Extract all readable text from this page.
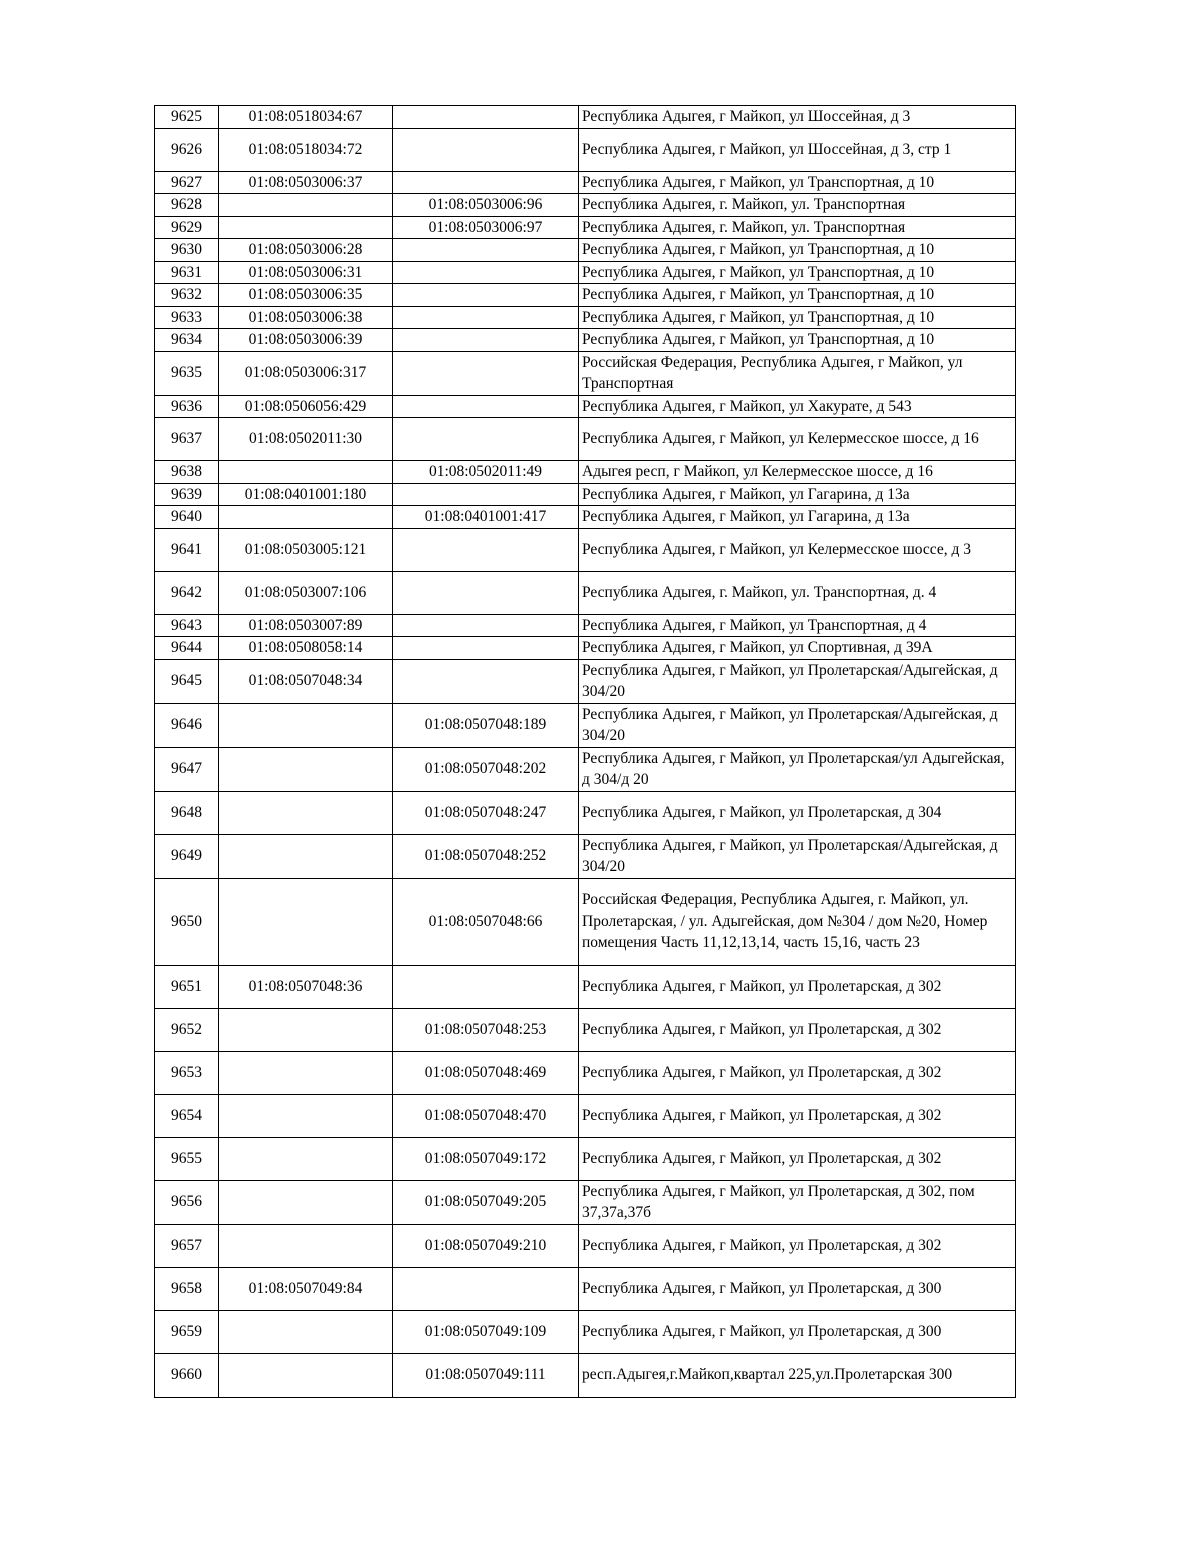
9625	01:08:0518034:67		Республика Адыгея, г Майкоп, ул Шоссейная, д 3
9626	01:08:0518034:72		Республика Адыгея, г Майкоп, ул Шоссейная, д 3, стр 1
9627	01:08:0503006:37		Республика Адыгея, г Майкоп, ул Транспортная, д 10
9628		01:08:0503006:96	Республика Адыгея, г. Майкоп, ул. Транспортная
9629		01:08:0503006:97	Республика Адыгея, г. Майкоп, ул. Транспортная
9630	01:08:0503006:28		Республика Адыгея, г Майкоп, ул Транспортная, д 10
9631	01:08:0503006:31		Республика Адыгея, г Майкоп, ул Транспортная, д 10
9632	01:08:0503006:35		Республика Адыгея, г Майкоп, ул Транспортная, д 10
9633	01:08:0503006:38		Республика Адыгея, г Майкоп, ул Транспортная, д 10
9634	01:08:0503006:39		Республика Адыгея, г Майкоп, ул Транспортная, д 10
9635	01:08:0503006:317		Российская Федерация, Республика Адыгея, г Майкоп, ул Транспортная
9636	01:08:0506056:429		Республика Адыгея, г Майкоп, ул Хакурате, д 543
9637	01:08:0502011:30		Республика Адыгея, г Майкоп, ул Келермесское шоссе, д 16
9638		01:08:0502011:49	Адыгея респ, г Майкоп, ул Келермесское шоссе, д 16
9639	01:08:0401001:180		Республика Адыгея, г Майкоп, ул Гагарина, д 13а
9640		01:08:0401001:417	Республика Адыгея, г Майкоп, ул Гагарина, д 13а
9641	01:08:0503005:121		Республика Адыгея, г Майкоп, ул Келермесское шоссе, д 3
9642	01:08:0503007:106		Республика Адыгея, г. Майкоп, ул. Транспортная, д. 4
9643	01:08:0503007:89		Республика Адыгея, г Майкоп, ул Транспортная, д 4
9644	01:08:0508058:14		Республика Адыгея, г Майкоп, ул Спортивная, д 39А
9645	01:08:0507048:34		Республика Адыгея, г Майкоп, ул Пролетарская/Адыгейская, д 304/20
9646		01:08:0507048:189	Республика Адыгея, г Майкоп, ул Пролетарская/Адыгейская, д 304/20
9647		01:08:0507048:202	Республика Адыгея, г Майкоп, ул Пролетарская/ул Адыгейская, д 304/д 20
9648		01:08:0507048:247	Республика Адыгея, г Майкоп, ул Пролетарская, д 304
9649		01:08:0507048:252	Республика Адыгея, г Майкоп, ул Пролетарская/Адыгейская, д 304/20
9650		01:08:0507048:66	Российская Федерация, Республика Адыгея, г. Майкоп, ул. Пролетарская, / ул. Адыгейская, дом №304 / дом №20, Номер помещения Часть 11,12,13,14, часть 15,16, часть 23
9651	01:08:0507048:36		Республика Адыгея, г Майкоп, ул Пролетарская, д 302
9652		01:08:0507048:253	Республика Адыгея, г Майкоп, ул Пролетарская, д 302
9653		01:08:0507048:469	Республика Адыгея, г Майкоп, ул Пролетарская, д 302
9654		01:08:0507048:470	Республика Адыгея, г Майкоп, ул Пролетарская, д 302
9655		01:08:0507049:172	Республика Адыгея, г Майкоп, ул Пролетарская, д 302
9656		01:08:0507049:205	Республика Адыгея, г Майкоп, ул Пролетарская, д 302, пом 37,37а,37б
9657		01:08:0507049:210	Республика Адыгея, г Майкоп, ул Пролетарская, д 302
9658	01:08:0507049:84		Республика Адыгея, г Майкоп, ул Пролетарская, д 300
9659		01:08:0507049:109	Республика Адыгея, г Майкоп, ул Пролетарская, д 300
9660		01:08:0507049:111	респ.Адыгея,г.Майкоп,квартал 225,ул.Пролетарская 300
